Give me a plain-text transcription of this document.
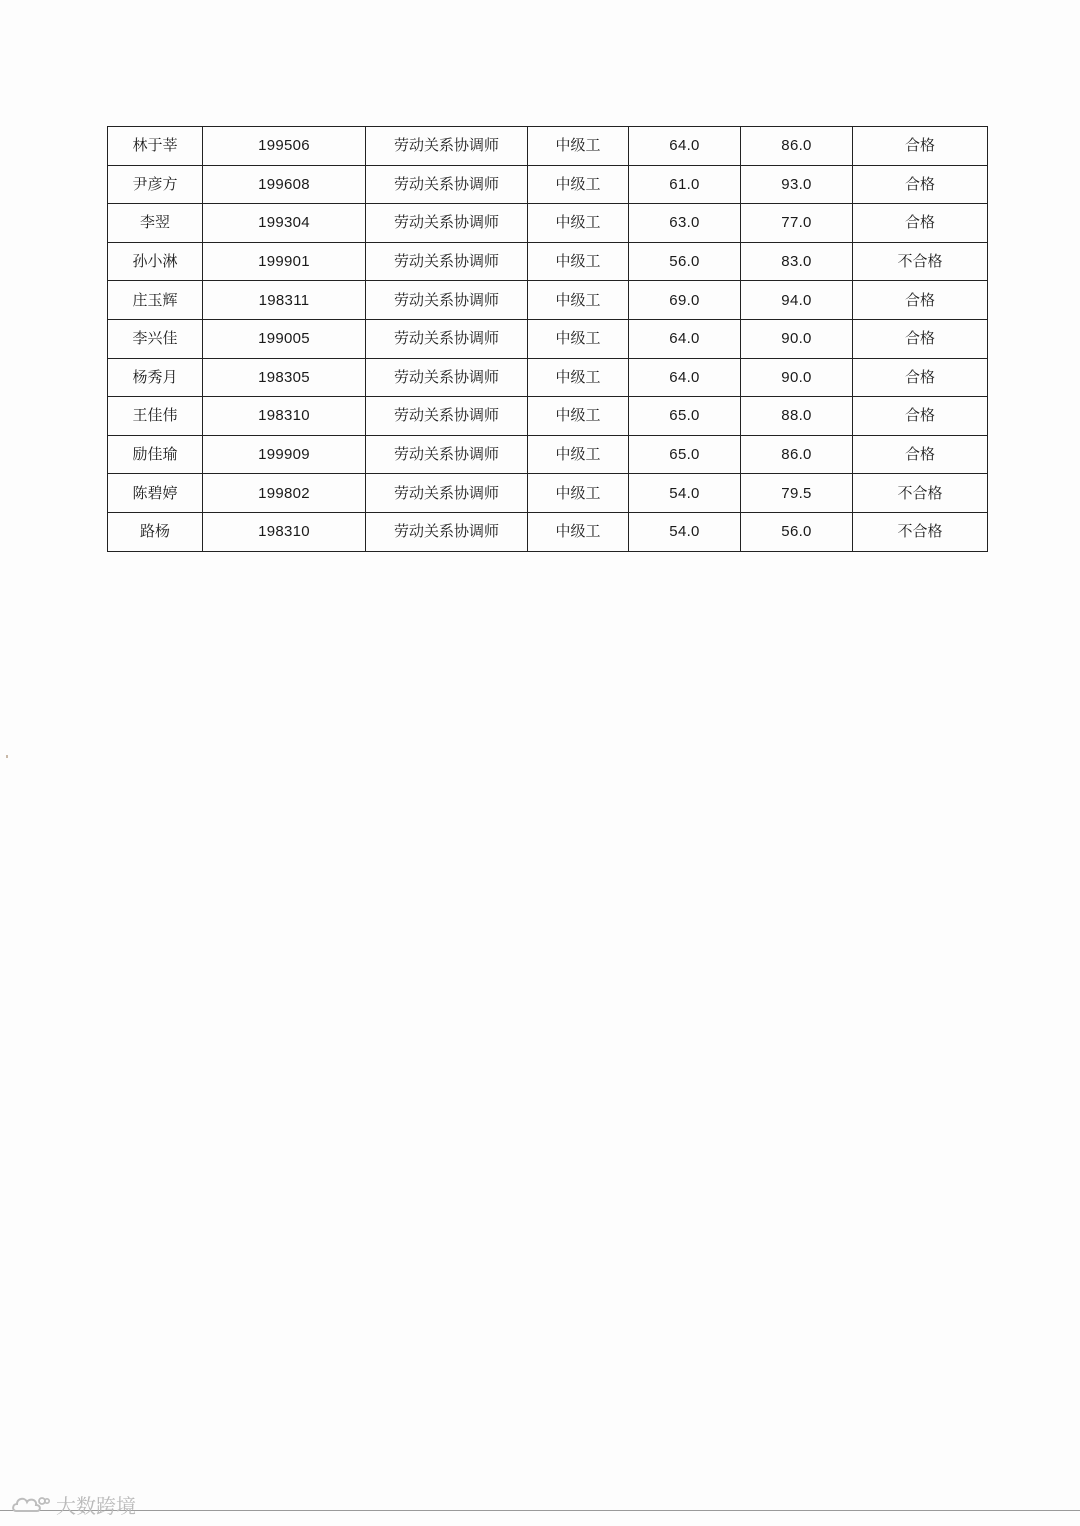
林于莘	199506	劳动关系协调师	中级工	64.0	86.0	合格
尹彦方	199608	劳动关系协调师	中级工	61.0	93.0	合格
李翌	199304	劳动关系协调师	中级工	63.0	77.0	合格
孙小淋	199901	劳动关系协调师	中级工	56.0	83.0	不合格
庄玉辉	198311	劳动关系协调师	中级工	69.0	94.0	合格
李兴佳	199005	劳动关系协调师	中级工	64.0	90.0	合格
杨秀月	198305	劳动关系协调师	中级工	64.0	90.0	合格
王佳伟	198310	劳动关系协调师	中级工	65.0	88.0	合格
励佳瑜	199909	劳动关系协调师	中级工	65.0	86.0	合格
陈碧婷	199802	劳动关系协调师	中级工	54.0	79.5	不合格
路杨	198310	劳动关系协调师	中级工	54.0	56.0	不合格
大数跨境
